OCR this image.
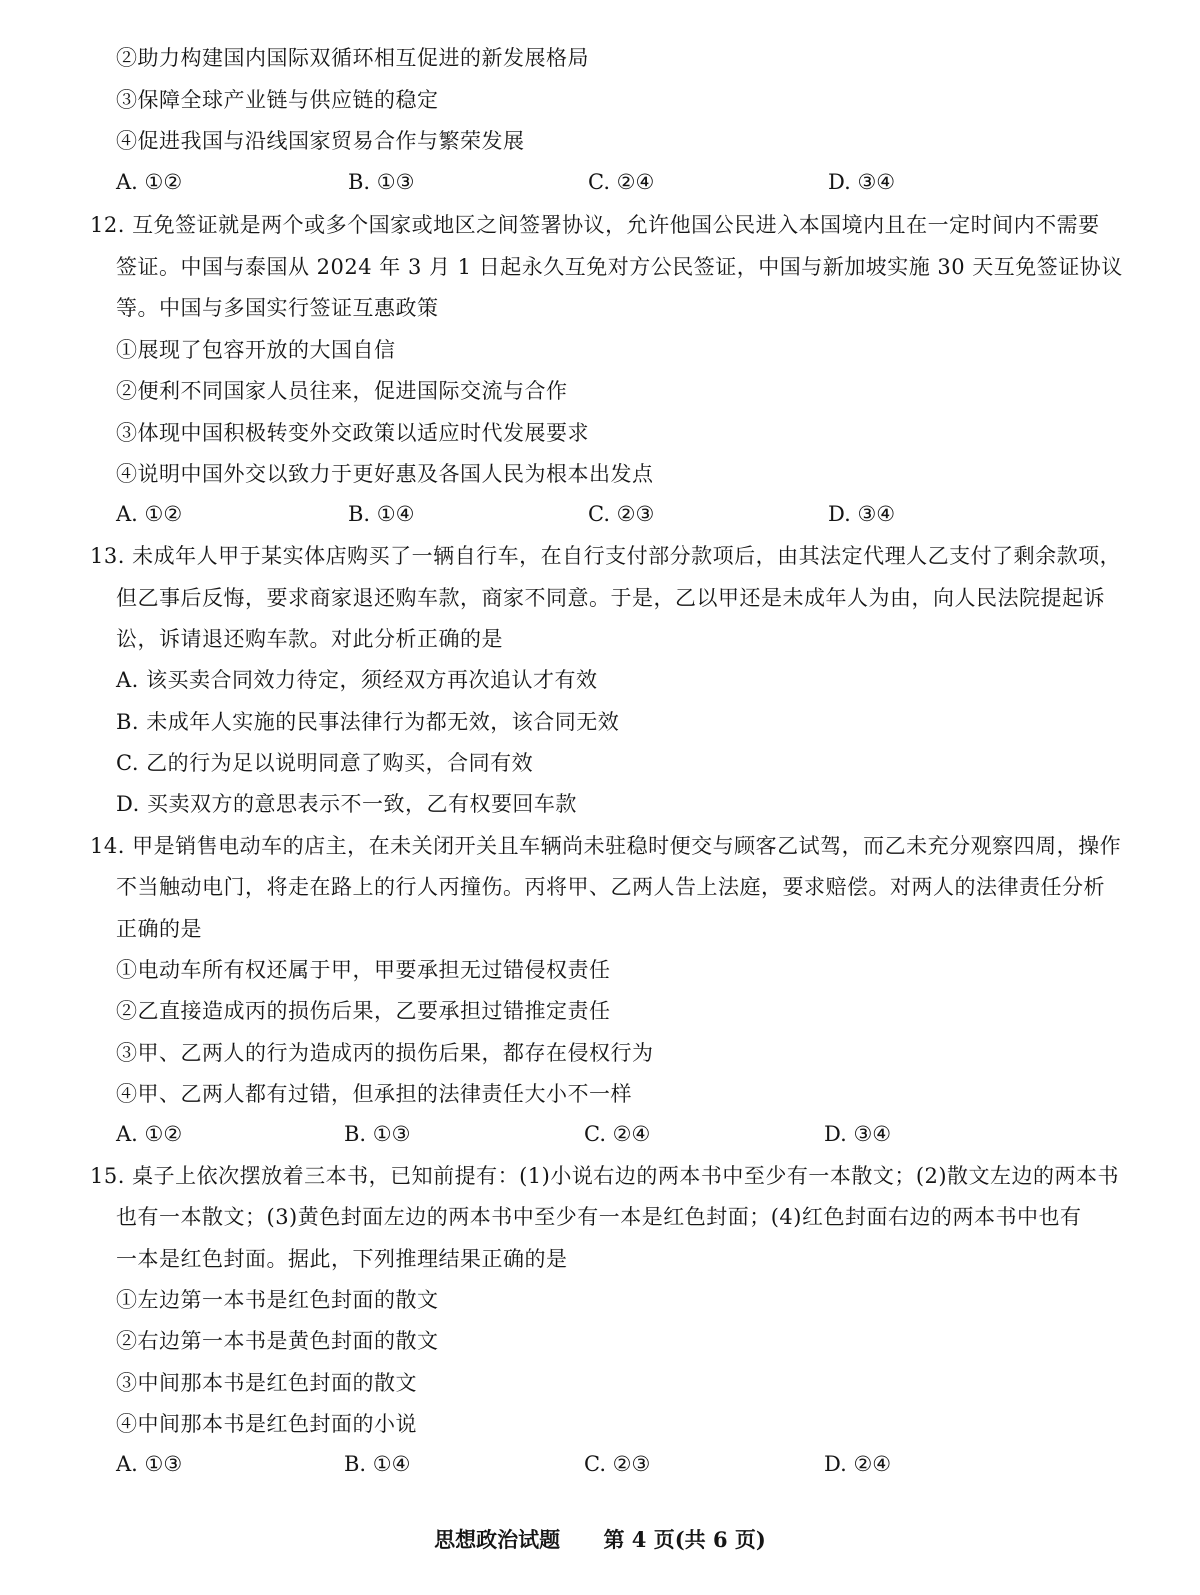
②助力构建国内国际双循环相互促进的新发展格局
③保障全球产业链与供应链的稳定
④促进我国与沿线国家贸易合作与繁荣发展
A. ①②	B. ①③	C. ②④	D. ③④
12. 互免签证就是两个或多个国家或地区之间签署协议，允许他国公民进入本国境内且在一定时间内不需要
签证。中国与泰国从 2024 年 3 月 1 日起永久互免对方公民签证，中国与新加坡实施 30 天互免签证协议
等。中国与多国实行签证互惠政策
①展现了包容开放的大国自信
②便利不同国家人员往来，促进国际交流与合作
③体现中国积极转变外交政策以适应时代发展要求
④说明中国外交以致力于更好惠及各国人民为根本出发点
A. ①②	B. ①④	C. ②③	D. ③④
13. 未成年人甲于某实体店购买了一辆自行车，在自行支付部分款项后，由其法定代理人乙支付了剩余款项，
但乙事后反悔，要求商家退还购车款，商家不同意。于是，乙以甲还是未成年人为由，向人民法院提起诉
讼，诉请退还购车款。对此分析正确的是
A. 该买卖合同效力待定，须经双方再次追认才有效
B. 未成年人实施的民事法律行为都无效，该合同无效
C. 乙的行为足以说明同意了购买，合同有效
D. 买卖双方的意思表示不一致，乙有权要回车款
14. 甲是销售电动车的店主，在未关闭开关且车辆尚未驻稳时便交与顾客乙试驾，而乙未充分观察四周，操作
不当触动电门，将走在路上的行人丙撞伤。丙将甲、乙两人告上法庭，要求赔偿。对两人的法律责任分析
正确的是
①电动车所有权还属于甲，甲要承担无过错侵权责任
②乙直接造成丙的损伤后果，乙要承担过错推定责任
③甲、乙两人的行为造成丙的损伤后果，都存在侵权行为
④甲、乙两人都有过错，但承担的法律责任大小不一样
A. ①②	B. ①③	C. ②④	D. ③④
15. 桌子上依次摆放着三本书，已知前提有：(1)小说右边的两本书中至少有一本散文；(2)散文左边的两本书
也有一本散文；(3)黄色封面左边的两本书中至少有一本是红色封面；(4)红色封面右边的两本书中也有
一本是红色封面。据此，下列推理结果正确的是
①左边第一本书是红色封面的散文
②右边第一本书是黄色封面的散文
③中间那本书是红色封面的散文
④中间那本书是红色封面的小说
A. ①③	B. ①④	C. ②③	D. ②④
思想政治试题 第 4 页(共 6 页)
